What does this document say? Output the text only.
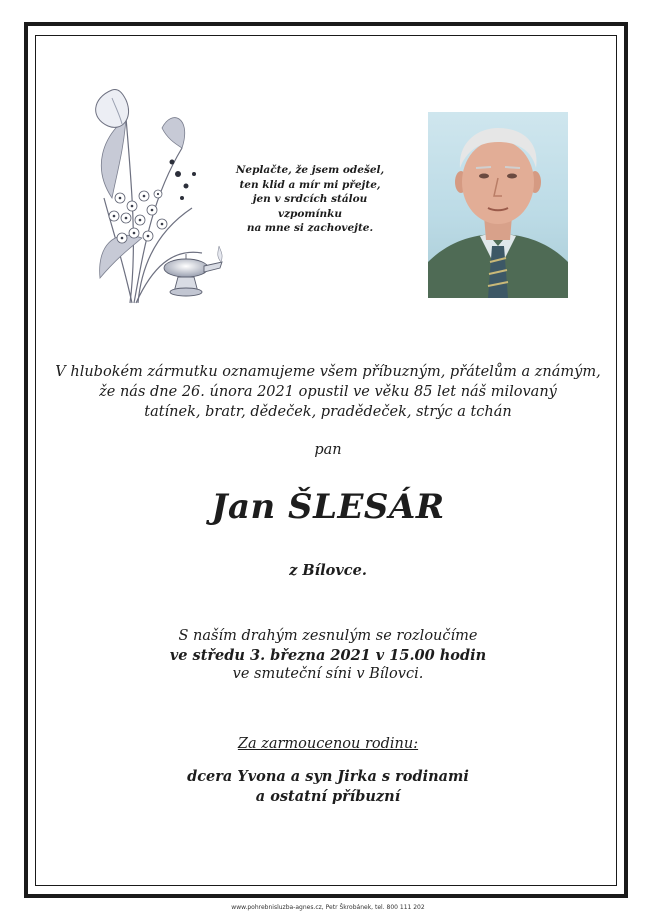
Neplačte, že jsem odešel,
ten klid a mír mi přejte,
jen v srdcích stálou vzpomínku
na mne si zachovejte.
V hlubokém zármutku oznamujeme všem příbuzným, přátelům a známým,
že nás dne 26. února 2021 opustil ve věku 85 let náš milovaný
tatínek, bratr, dědeček, pradědeček, strýc a tchán
pan
Jan ŠLESÁR
z Bílovce.
S naším drahým zesnulým se rozloučíme
ve středu 3. března 2021 v 15.00 hodin
ve smuteční síni v Bílovci.
Za zarmoucenou rodinu:
dcera Yvona a syn Jirka s rodinami
a ostatní příbuzní
www.pohrebnisluzba-agnes.cz, Petr Škrobánek, tel. 800 111 202
